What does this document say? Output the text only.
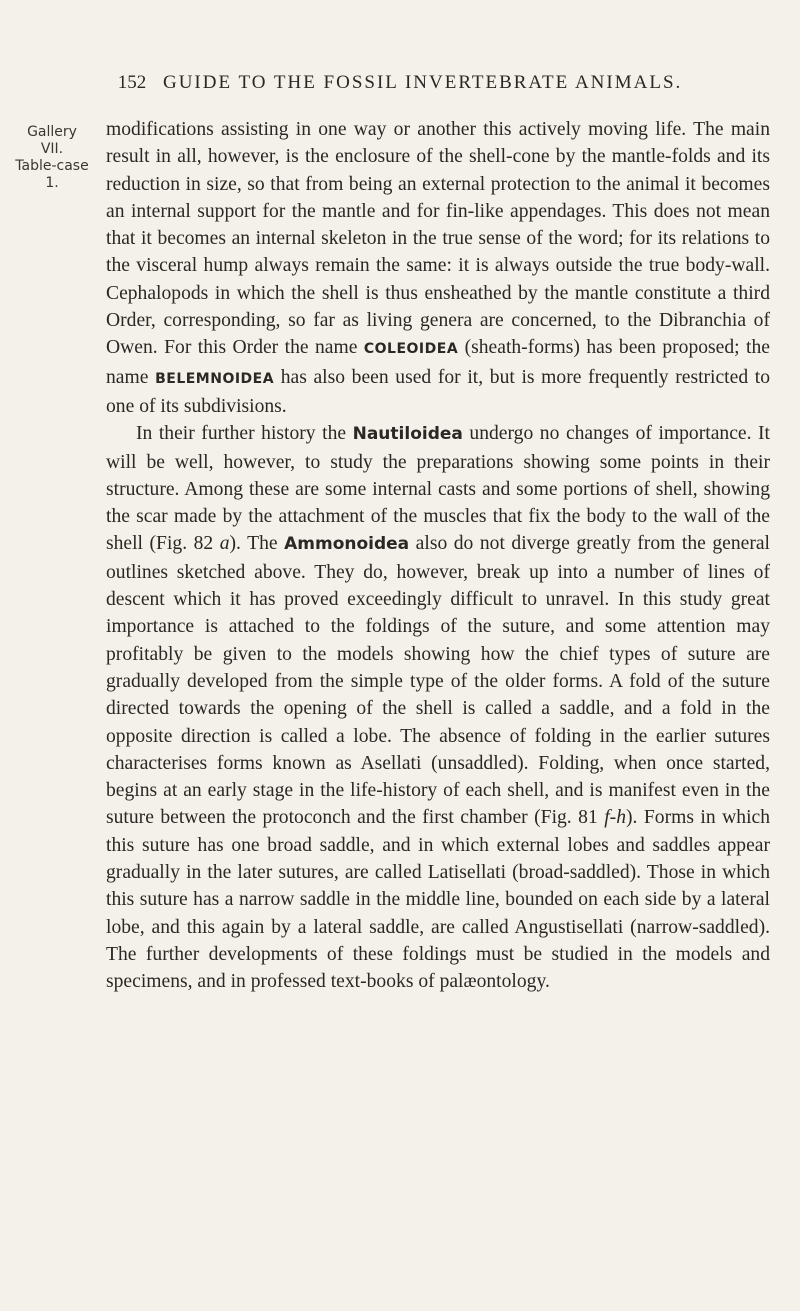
152 GUIDE TO THE FOSSIL INVERTEBRATE ANIMALS.
Gallery
VII.
Table-case
1.

modifications assisting in one way or another this actively moving life. The main result in all, however, is the enclosure of the shell-cone by the mantle-folds and its reduction in size, so that from being an external protection to the animal it becomes an internal support for the mantle and for fin-like appendages. This does not mean that it becomes an internal skeleton in the true sense of the word; for its relations to the visceral hump always remain the same: it is always outside the true body-wall. Cephalopods in which the shell is thus ensheathed by the mantle constitute a third Order, corresponding, so far as living genera are concerned, to the Dibranchia of Owen. For this Order the name COLEOIDEA (sheath-forms) has been proposed; the name BELEMNOIDEA has also been used for it, but is more frequently restricted to one of its subdivisions.

In their further history the Nautiloidea undergo no changes of importance. It will be well, however, to study the preparations showing some points in their structure. Among these are some internal casts and some portions of shell, showing the scar made by the attachment of the muscles that fix the body to the wall of the shell (Fig. 82 a). The Ammonoidea also do not diverge greatly from the general outlines sketched above. They do, however, break up into a number of lines of descent which it has proved exceedingly difficult to unravel. In this study great importance is attached to the foldings of the suture, and some attention may profitably be given to the models showing how the chief types of suture are gradually developed from the simple type of the older forms. A fold of the suture directed towards the opening of the shell is called a saddle, and a fold in the opposite direction is called a lobe. The absence of folding in the earlier sutures characterises forms known as Asellati (unsaddled). Folding, when once started, begins at an early stage in the life-history of each shell, and is manifest even in the suture between the protoconch and the first chamber (Fig. 81 f-h). Forms in which this suture has one broad saddle, and in which external lobes and saddles appear gradually in the later sutures, are called Latisellati (broad-saddled). Those in which this suture has a narrow saddle in the middle line, bounded on each side by a lateral lobe, and this again by a lateral saddle, are called Angustisellati (narrow-saddled). The further developments of these foldings must be studied in the models and specimens, and in professed text-books of palæontology.
